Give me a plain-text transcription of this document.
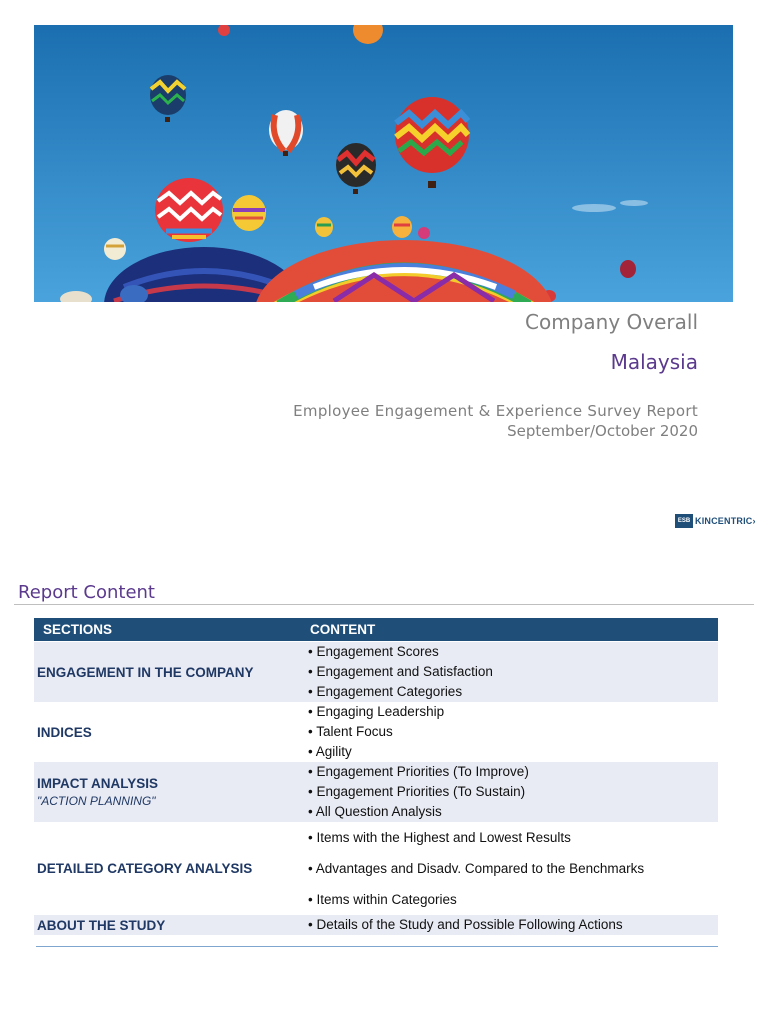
Company Overall
Malaysia
Employee Engagement & Experience Survey Report
September/October 2020
ESB KINCENTRIC›
Report Content
SECTIONS	CONTENT
ENGAGEMENT IN THE COMPANY	• Engagement Scores
• Engagement and Satisfaction
• Engagement Categories

INDICES	• Engaging Leadership
• Talent Focus
• Agility

IMPACT ANALYSIS
"ACTION PLANNING"	• Engagement Priorities (To Improve)
• Engagement Priorities (To Sustain)
• All Question Analysis

DETAILED CATEGORY ANALYSIS	• Items with the Highest and Lowest Results
• Advantages and Disadv. Compared to the Benchmarks
• Items within Categories

ABOUT THE STUDY	• Details of the Study and Possible Following Actions
